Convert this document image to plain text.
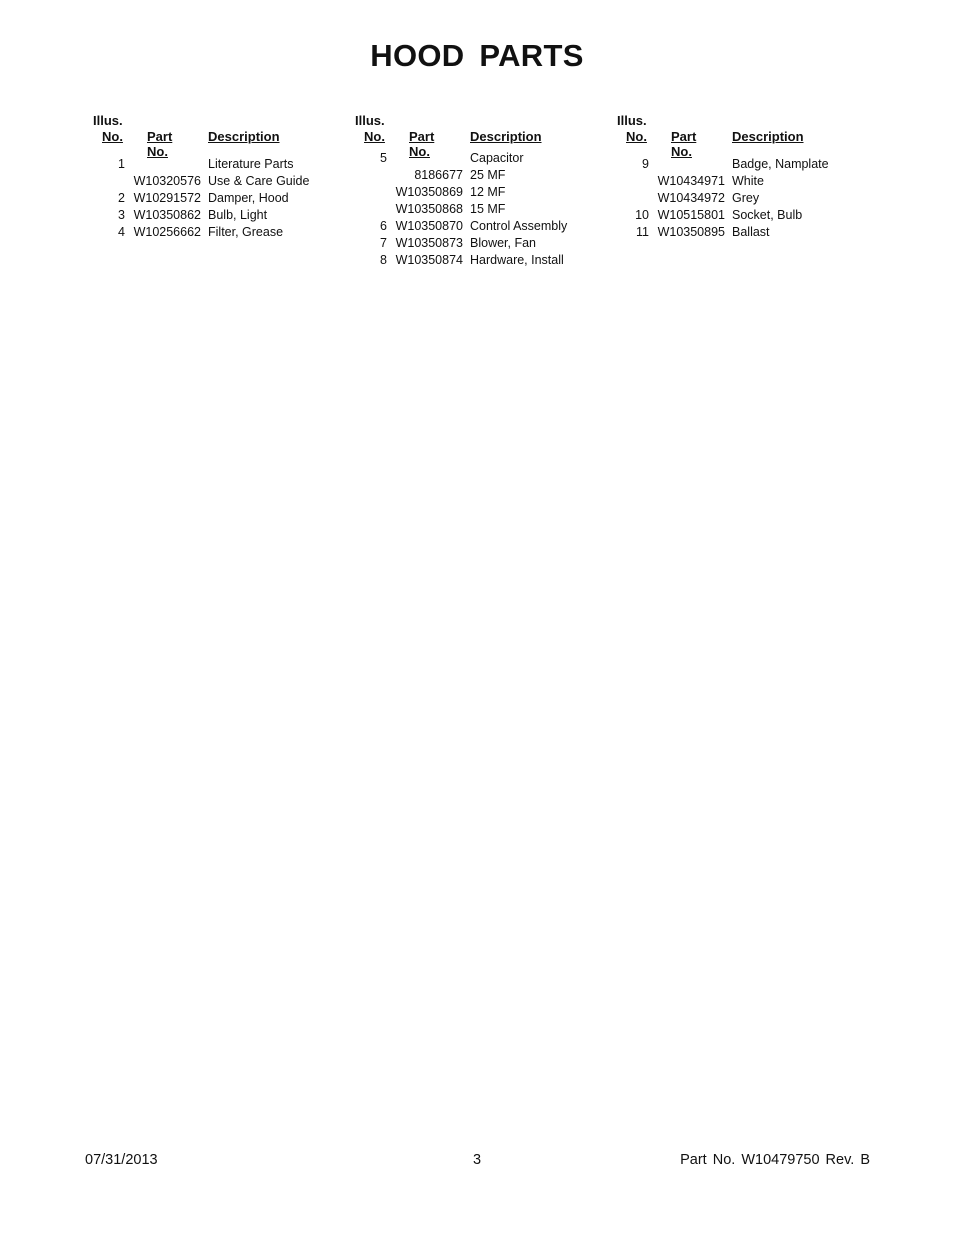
HOOD PARTS
Illus.
No. Part No.
Description
1	Literature Parts
W10320576 Use & Care Guide
2 W10291572 Damper, Hood
3 W10350862 Bulb, Light
4 W10256662 Filter, Grease
Illus.
No. Part No.
Description
5	Capacitor
8186677 25 MF
W10350869 12 MF
W10350868 15 MF
6 W10350870 Control Assembly
7 W10350873 Blower, Fan
8 W10350874 Hardware, Install
Illus.
No. Part No.
Description
9	Badge, Namplate
W10434971 White
W10434972 Grey
10 W10515801 Socket, Bulb
11 W10350895 Ballast
07/31/2013	3	Part No. W10479750 Rev. B
